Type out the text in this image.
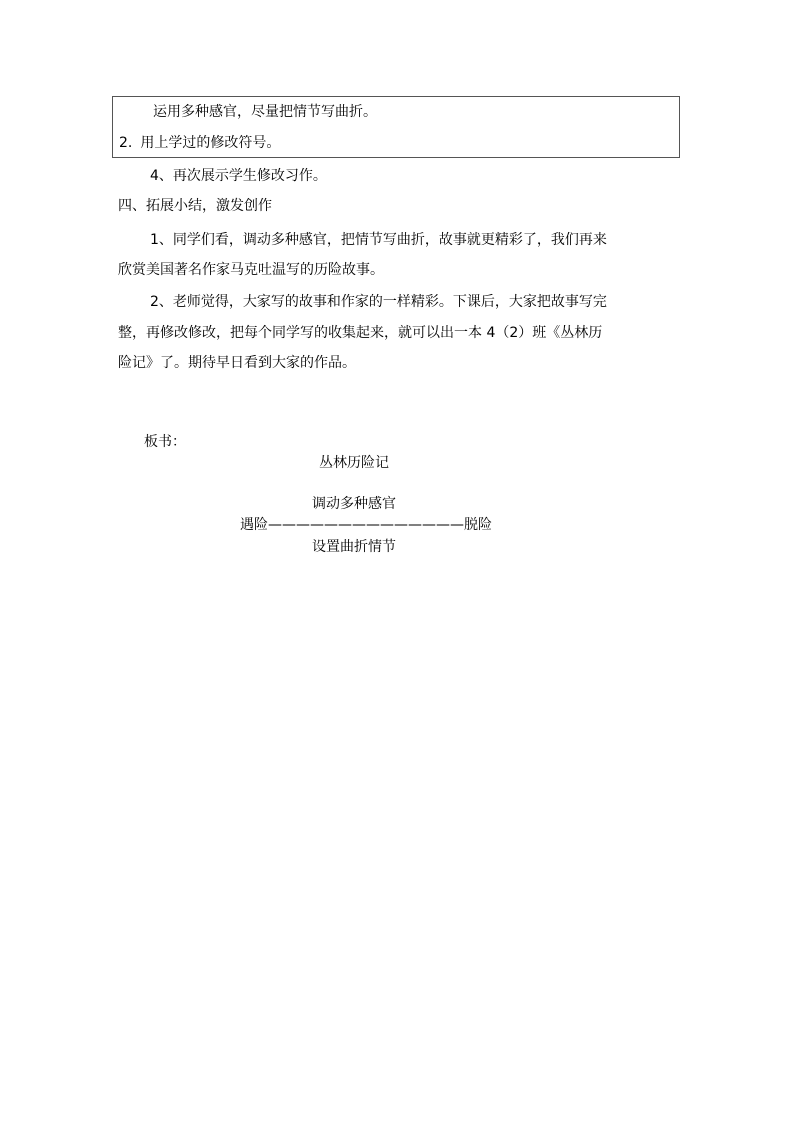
运用多种感官，尽量把情节写曲折。
2. 用上学过的修改符号。
4、再次展示学生修改习作。
四、拓展小结，激发创作
1、同学们看，调动多种感官，把情节写曲折，故事就更精彩了，我们再来
欣赏美国著名作家马克吐温写的历险故事。
2、老师觉得，大家写的故事和作家的一样精彩。下课后，大家把故事写完
整，再修改修改，把每个同学写的收集起来，就可以出一本 4（2）班《丛林历
险记》了。期待早日看到大家的作品。
板书：
丛林历险记
调动多种感官
遇险——————————————脱险
设置曲折情节
